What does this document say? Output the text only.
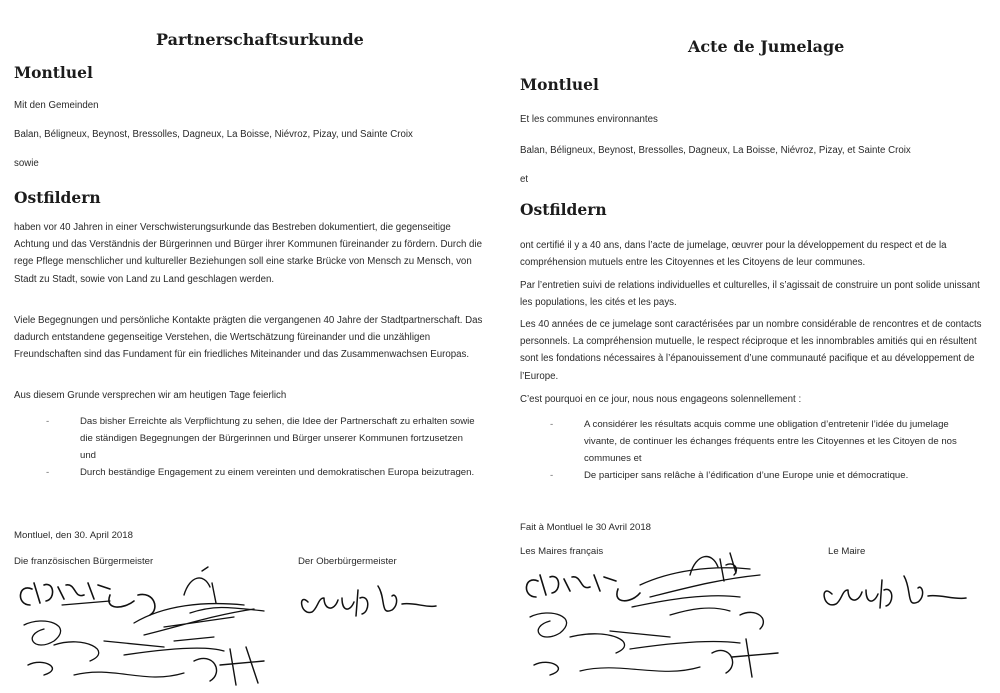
Partnerschaftsurkunde
Montluel
Mit den Gemeinden
Balan, Béligneux, Beynost, Bressolles, Dagneux, La Boisse, Niévroz, Pizay, und Sainte Croix
sowie
Ostfildern
haben vor 40 Jahren in einer Verschwisterungsurkunde das Bestreben dokumentiert, die gegenseitige Achtung und das Verständnis der Bürgerinnen und Bürger ihrer Kommunen füreinander zu fördern. Durch die rege Pflege menschlicher und kultureller Beziehungen soll eine starke Brücke von Mensch zu Mensch, von Stadt zu Stadt, sowie von Land zu Land geschlagen werden.
Viele Begegnungen und persönliche Kontakte prägten die vergangenen 40 Jahre der Stadtpartnerschaft. Das dadurch entstandene gegenseitige Verstehen, die Wertschätzung füreinander und die unzähligen Freundschaften sind das Fundament für ein friedliches Miteinander und das Zusammenwachsen Europas.
Aus diesem Grunde versprechen wir am heutigen Tage feierlich
-	Das bisher Erreichte als Verpflichtung zu sehen, die Idee der Partnerschaft zu erhalten sowie die ständigen Begegnungen der Bürgerinnen und Bürger unserer Kommunen fortzusetzen und
-	Durch beständige Engagement zu einem vereinten und demokratischen Europa beizutragen.
Montluel, den 30. April 2018
Die französischen Bürgermeister	Der Oberbürgermeister
Acte de Jumelage
Montluel
Et les communes environnantes
Balan, Béligneux, Beynost, Bressolles, Dagneux, La Boisse, Niévroz, Pizay, et Sainte Croix
et
Ostfildern
ont certifié il y a 40 ans, dans l’acte de jumelage, œuvrer pour la développement du respect et de la compréhension mutuels entre les Citoyennes et les Citoyens de leur communes.
Par l’entretien suivi de relations individuelles et culturelles, il s’agissait de construire un pont solide unissant les populations, les cités et les pays.
Les 40 années de ce jumelage sont caractérisées par un nombre considérable de rencontres et de contacts personnels. La compréhension mutuelle, le respect réciproque et les innombrables amitiés qui en résultent sont les fondations nécessaires à l’épanouissement d’une communauté pacifique et au développement de l’Europe.
C’est pourquoi en ce jour, nous nous engageons solennellement :
-	A considérer les résultats acquis comme une obligation d’entretenir l’idée du jumelage vivante, de continuer les échanges fréquents entre les Citoyennes et les Citoyen de nos communes et
-	De participer sans relâche à l’édification d’une Europe unie et démocratique.
Fait à Montluel le 30 Avril 2018
Les Maires français	Le Maire
